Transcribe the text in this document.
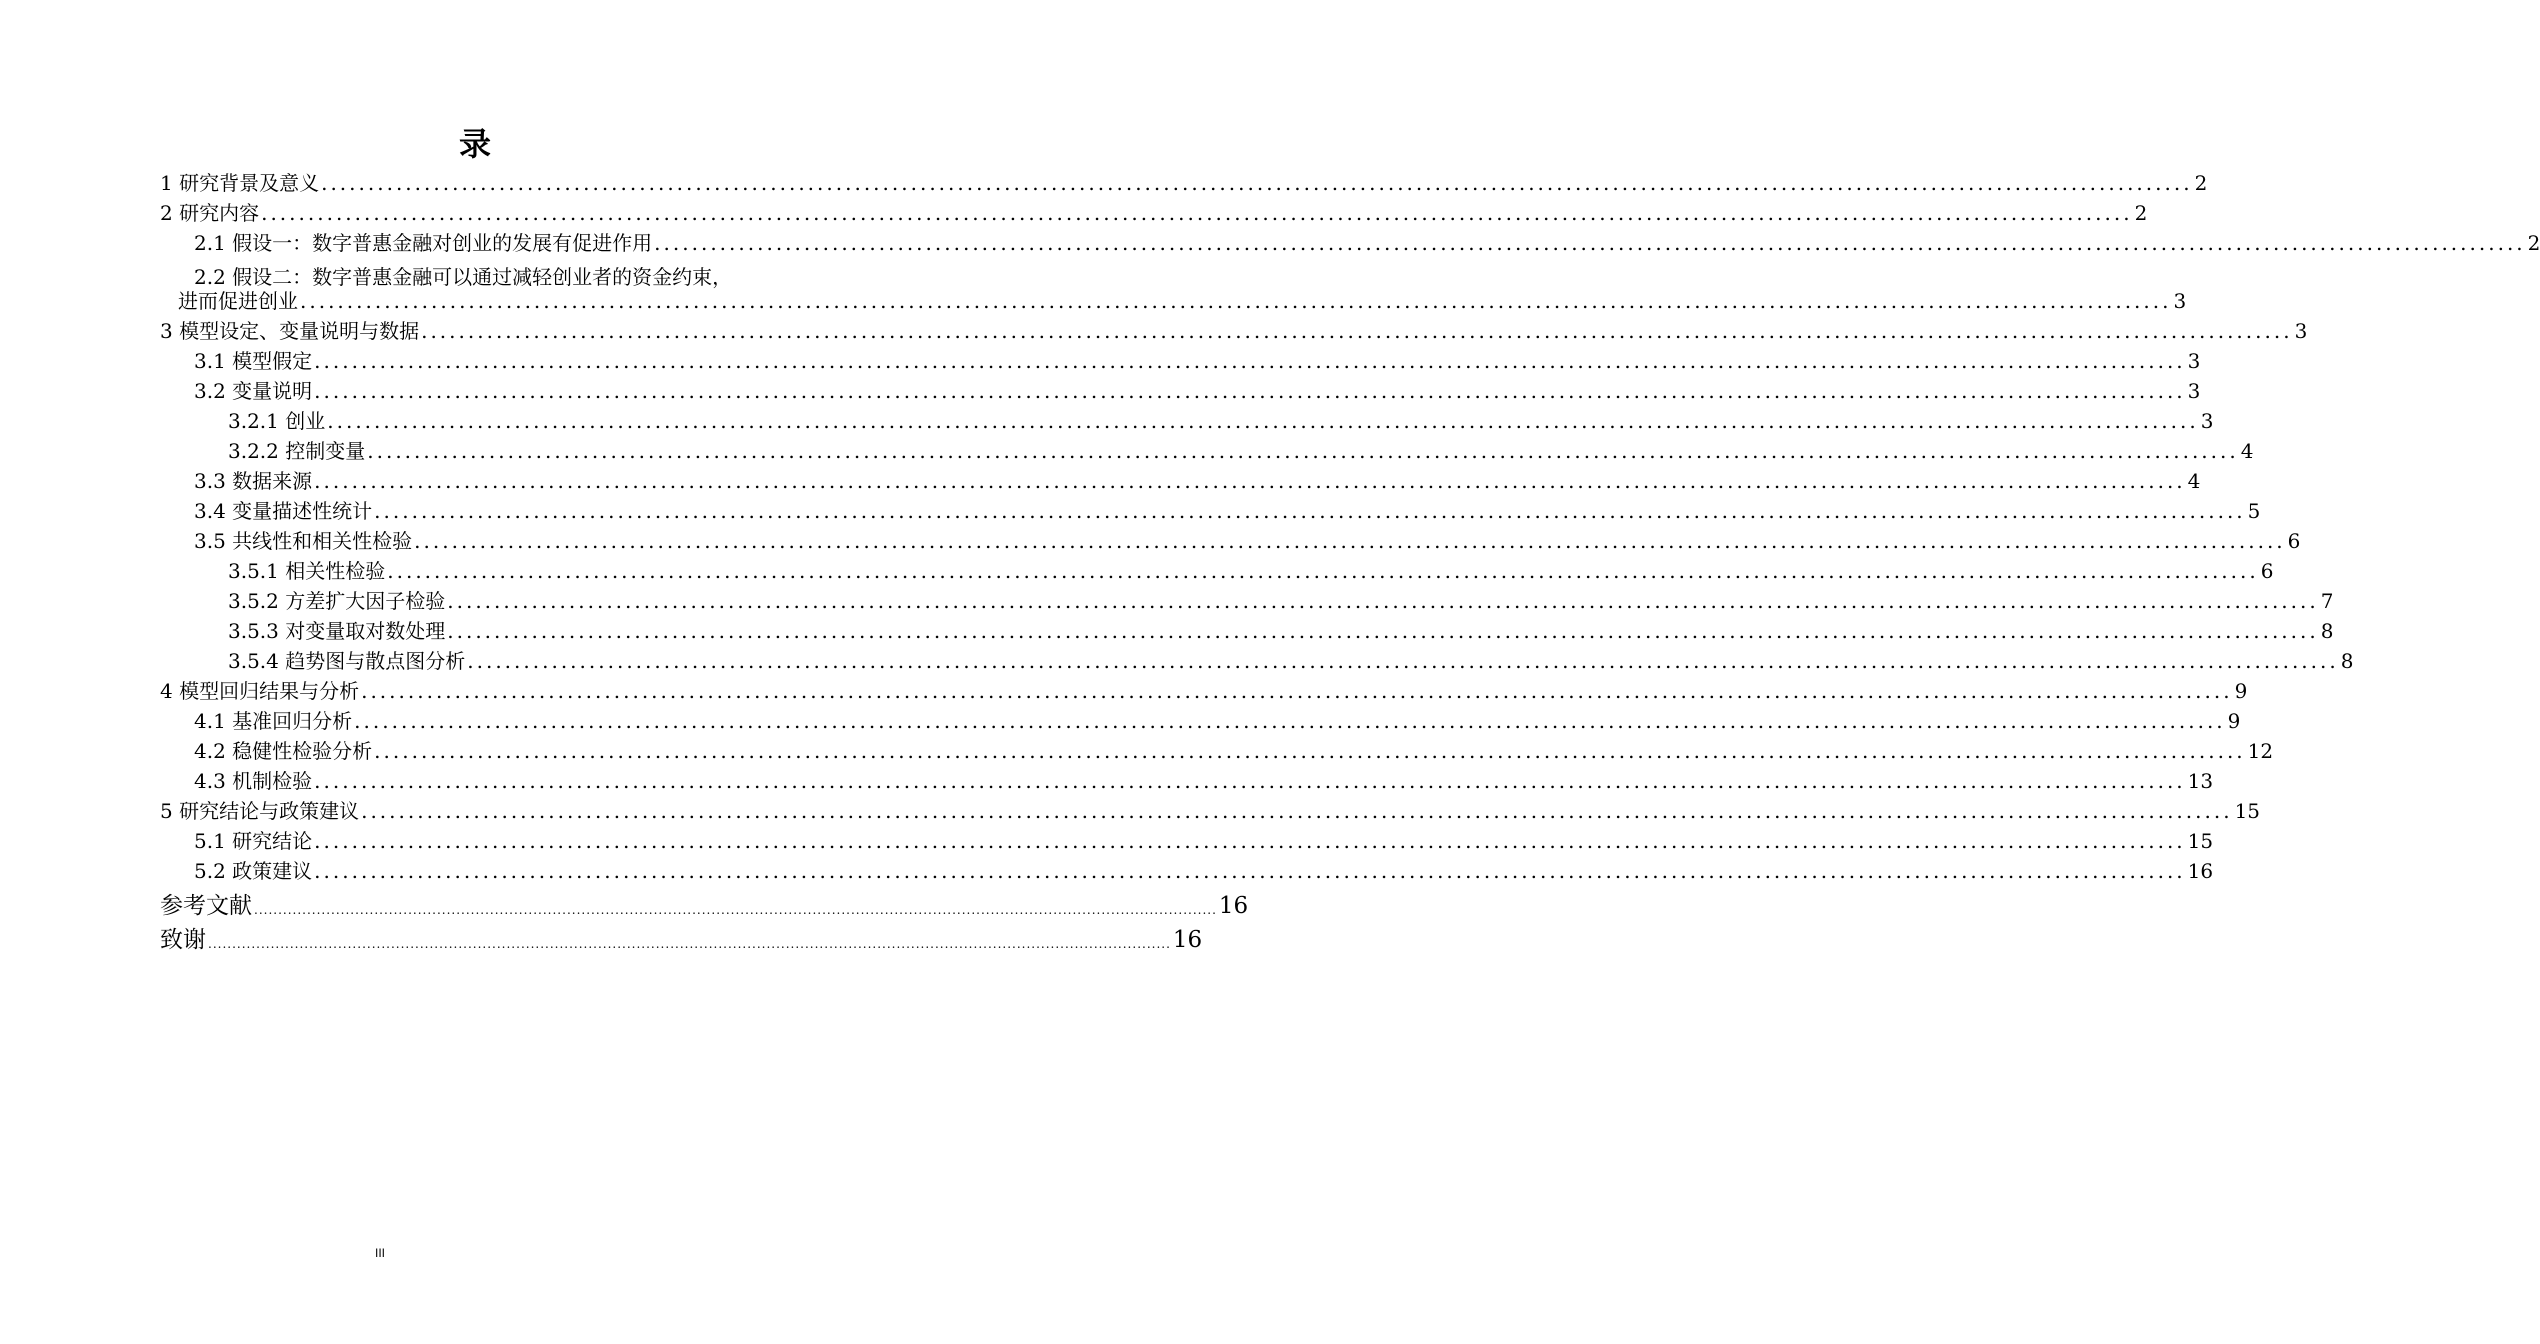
录
1 研究背景及意义 ........................................................................................................................................................................................................ 2
2 研究内容 ........................................................................................................................................................................................................ 2
2.1 假设一：数字普惠金融对创业的发展有促进作用 ........................................................................................................................................................................................................ 2
2.2 假设二：数字普惠金融可以通过减轻创业者的资金约束，
进而促进创业 ........................................................................................................................................................................................................ 3
3 模型设定、变量说明与数据 ........................................................................................................................................................................................................ 3
3.1 模型假定 ........................................................................................................................................................................................................ 3
3.2 变量说明 ........................................................................................................................................................................................................ 3
3.2.1 创业 ........................................................................................................................................................................................................ 3
3.2.2 控制变量 ........................................................................................................................................................................................................ 4
3.3 数据来源 ........................................................................................................................................................................................................ 4
3.4 变量描述性统计 ........................................................................................................................................................................................................ 5
3.5 共线性和相关性检验 ........................................................................................................................................................................................................ 6
3.5.1 相关性检验 ........................................................................................................................................................................................................ 6
3.5.2 方差扩大因子检验 ........................................................................................................................................................................................................ 7
3.5.3 对变量取对数处理 ........................................................................................................................................................................................................ 8
3.5.4 趋势图与散点图分析 ........................................................................................................................................................................................................ 8
4 模型回归结果与分析 ........................................................................................................................................................................................................ 9
4.1 基准回归分析 ........................................................................................................................................................................................................ 9
4.2 稳健性检验分析 ........................................................................................................................................................................................................ 12
4.3 机制检验 ........................................................................................................................................................................................................ 13
5 研究结论与政策建议 ........................................................................................................................................................................................................ 15
5.1 研究结论 ........................................................................................................................................................................................................ 15
5.2 政策建议 ........................................................................................................................................................................................................ 16
参考文献 ........................................................................................................................................................................................................ 16
致谢 ........................................................................................................................................................................................................ 16
III
